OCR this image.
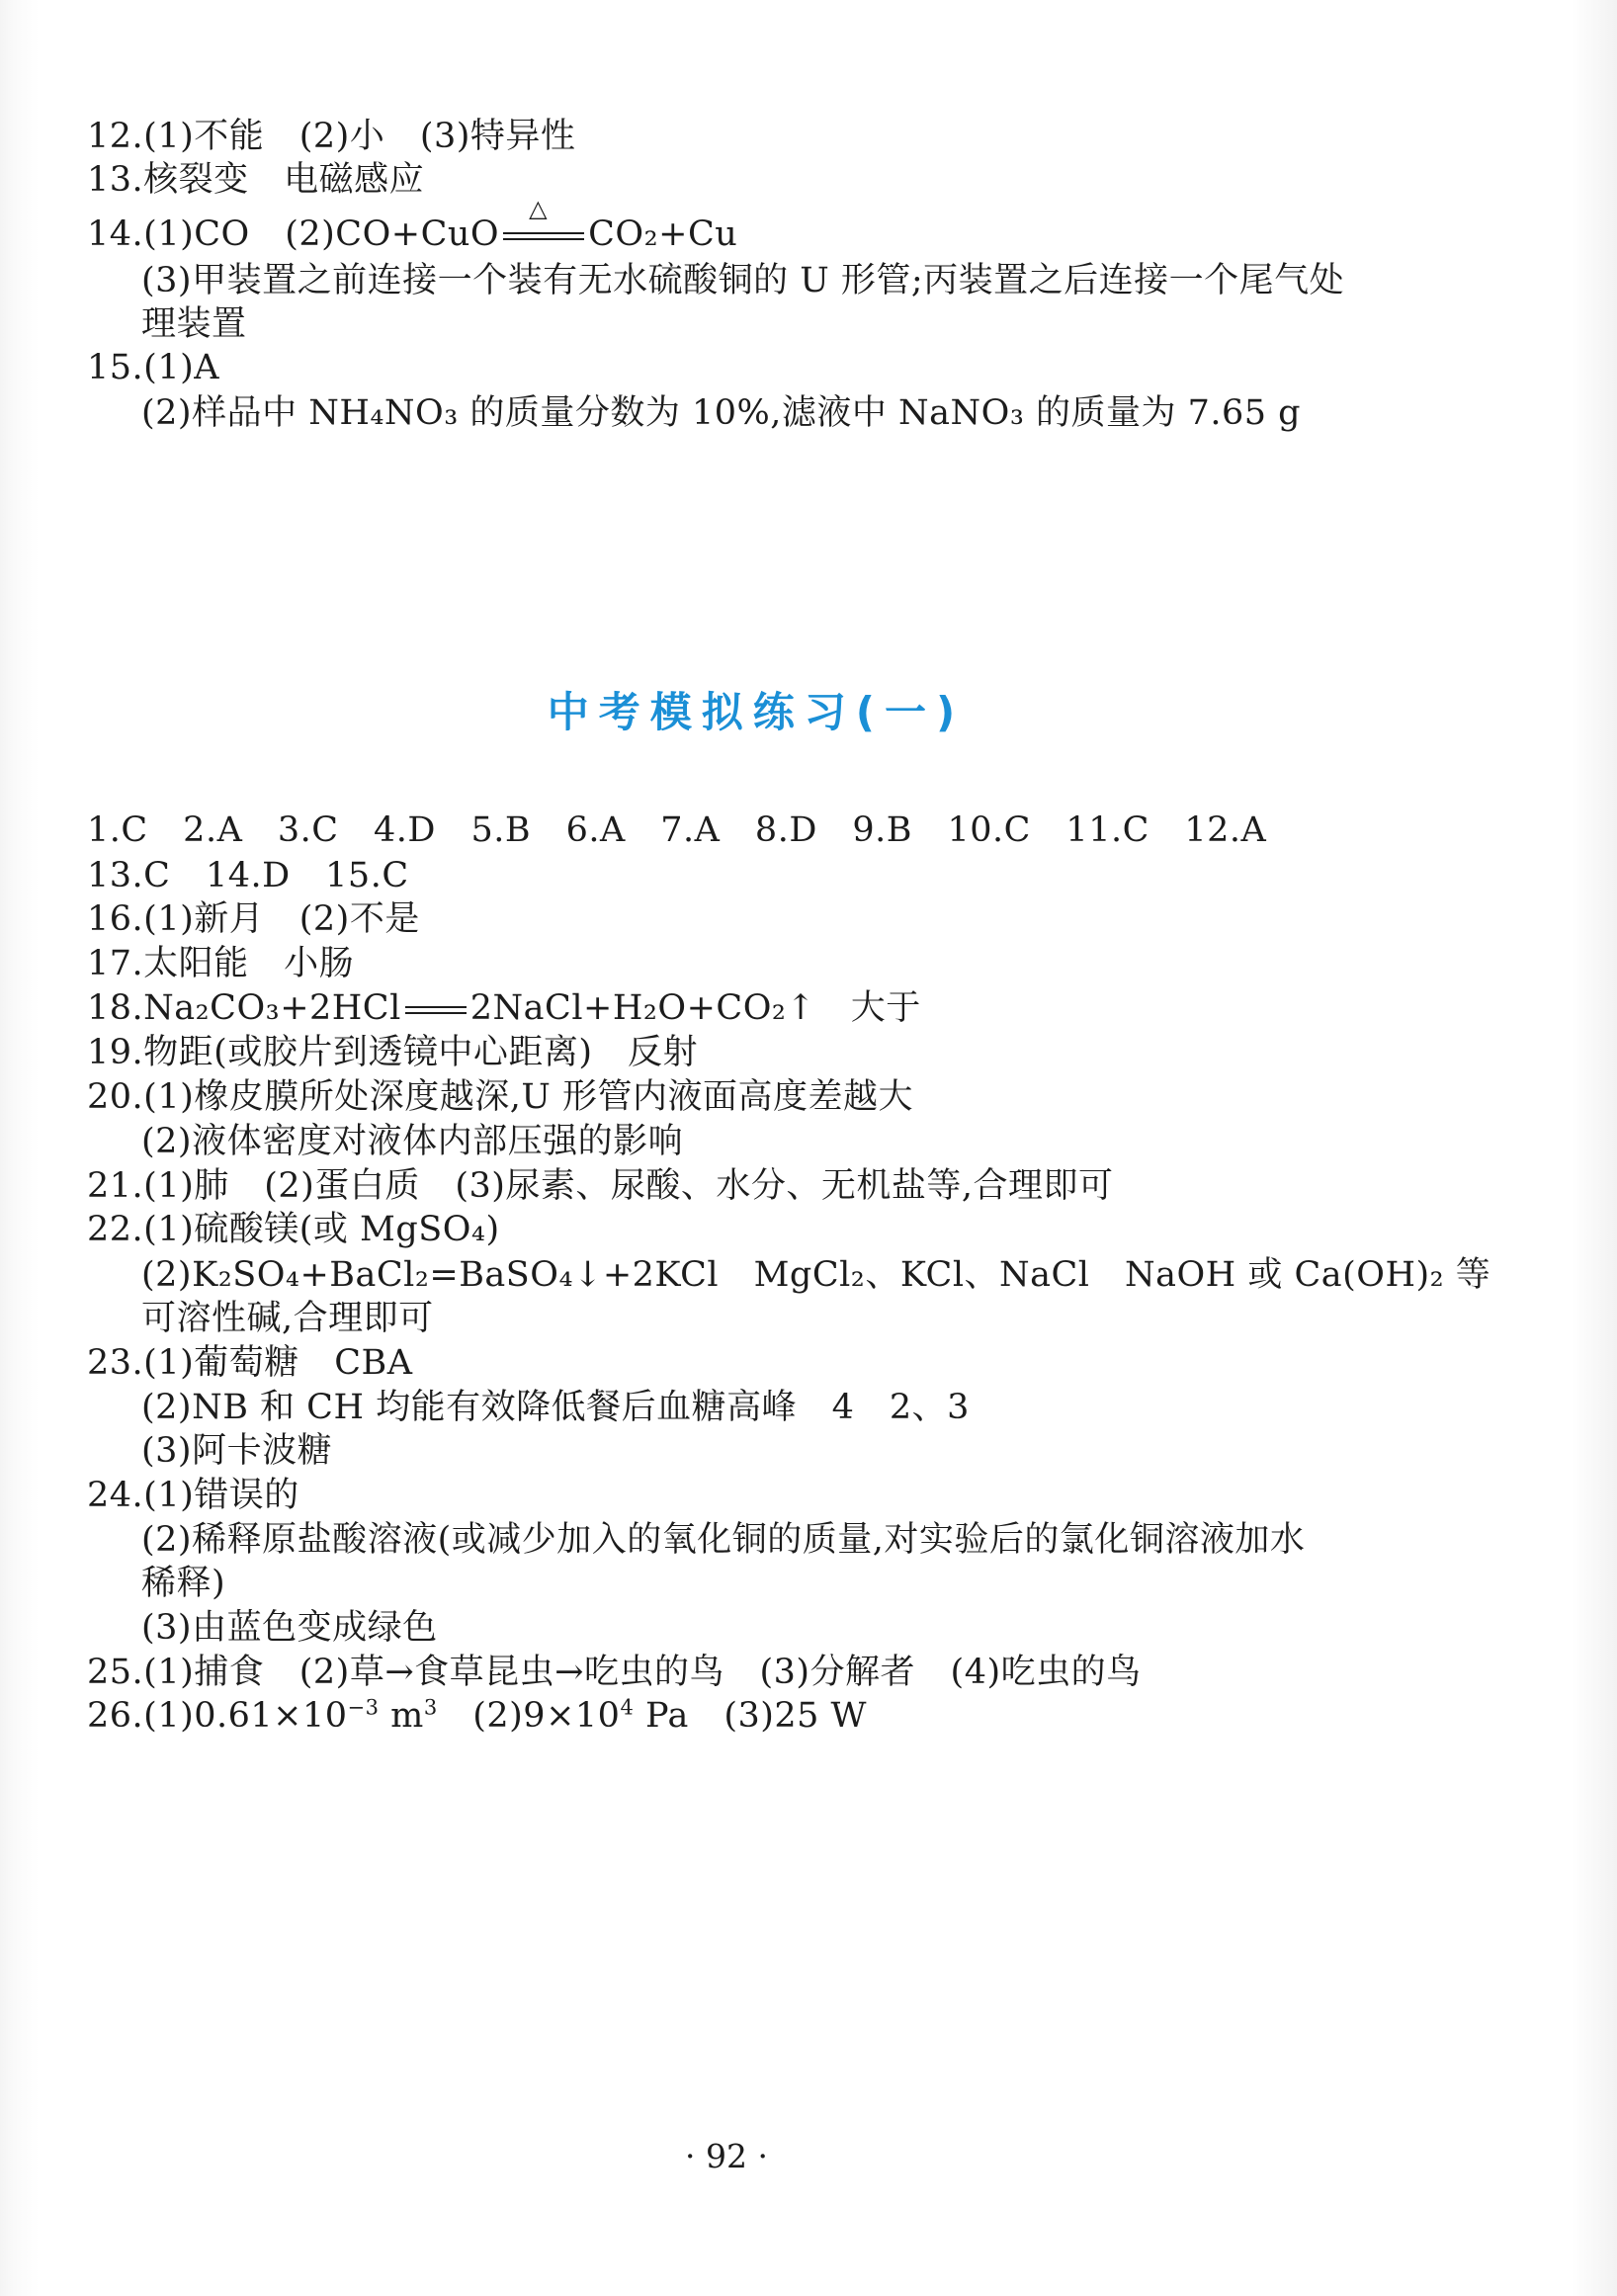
12.(1)不能　(2)小　(3)特异性
13.核裂变　电磁感应
14.(1)CO　(2)CO+CuO
△
CO₂+Cu
(3)甲装置之前连接一个装有无水硫酸铜的 U 形管;丙装置之后连接一个尾气处
理装置
15.(1)A
(2)样品中 NH₄NO₃ 的质量分数为 10%,滤液中 NaNO₃ 的质量为 7.65 g
中考模拟练习(一)
1.C　2.A　3.C　4.D　5.B　6.A　7.A　8.D　9.B　10.C　11.C　12.A
13.C　14.D　15.C
16.(1)新月　(2)不是
17.太阳能　小肠
18.Na₂CO₃+2HCl 2NaCl+H₂O+CO₂↑　大于
19.物距(或胶片到透镜中心距离)　反射
20.(1)橡皮膜所处深度越深,U 形管内液面高度差越大
(2)液体密度对液体内部压强的影响
21.(1)肺　(2)蛋白质　(3)尿素、尿酸、水分、无机盐等,合理即可
22.(1)硫酸镁(或 MgSO₄)
(2)K₂SO₄+BaCl₂=BaSO₄↓+2KCl　MgCl₂、KCl、NaCl　NaOH 或 Ca(OH)₂ 等
可溶性碱,合理即可
23.(1)葡萄糖　CBA
(2)NB 和 CH 均能有效降低餐后血糖高峰　4　2、3
(3)阿卡波糖
24.(1)错误的
(2)稀释原盐酸溶液(或减少加入的氧化铜的质量,对实验后的氯化铜溶液加水
稀释)
(3)由蓝色变成绿色
25.(1)捕食　(2)草→食草昆虫→吃虫的鸟　(3)分解者　(4)吃虫的鸟
$26.(1)0.61\times 10^{-3}$ $m^3$　 $(2)9\times 10^4$ Pa　(3)25 W
· 92 ·
